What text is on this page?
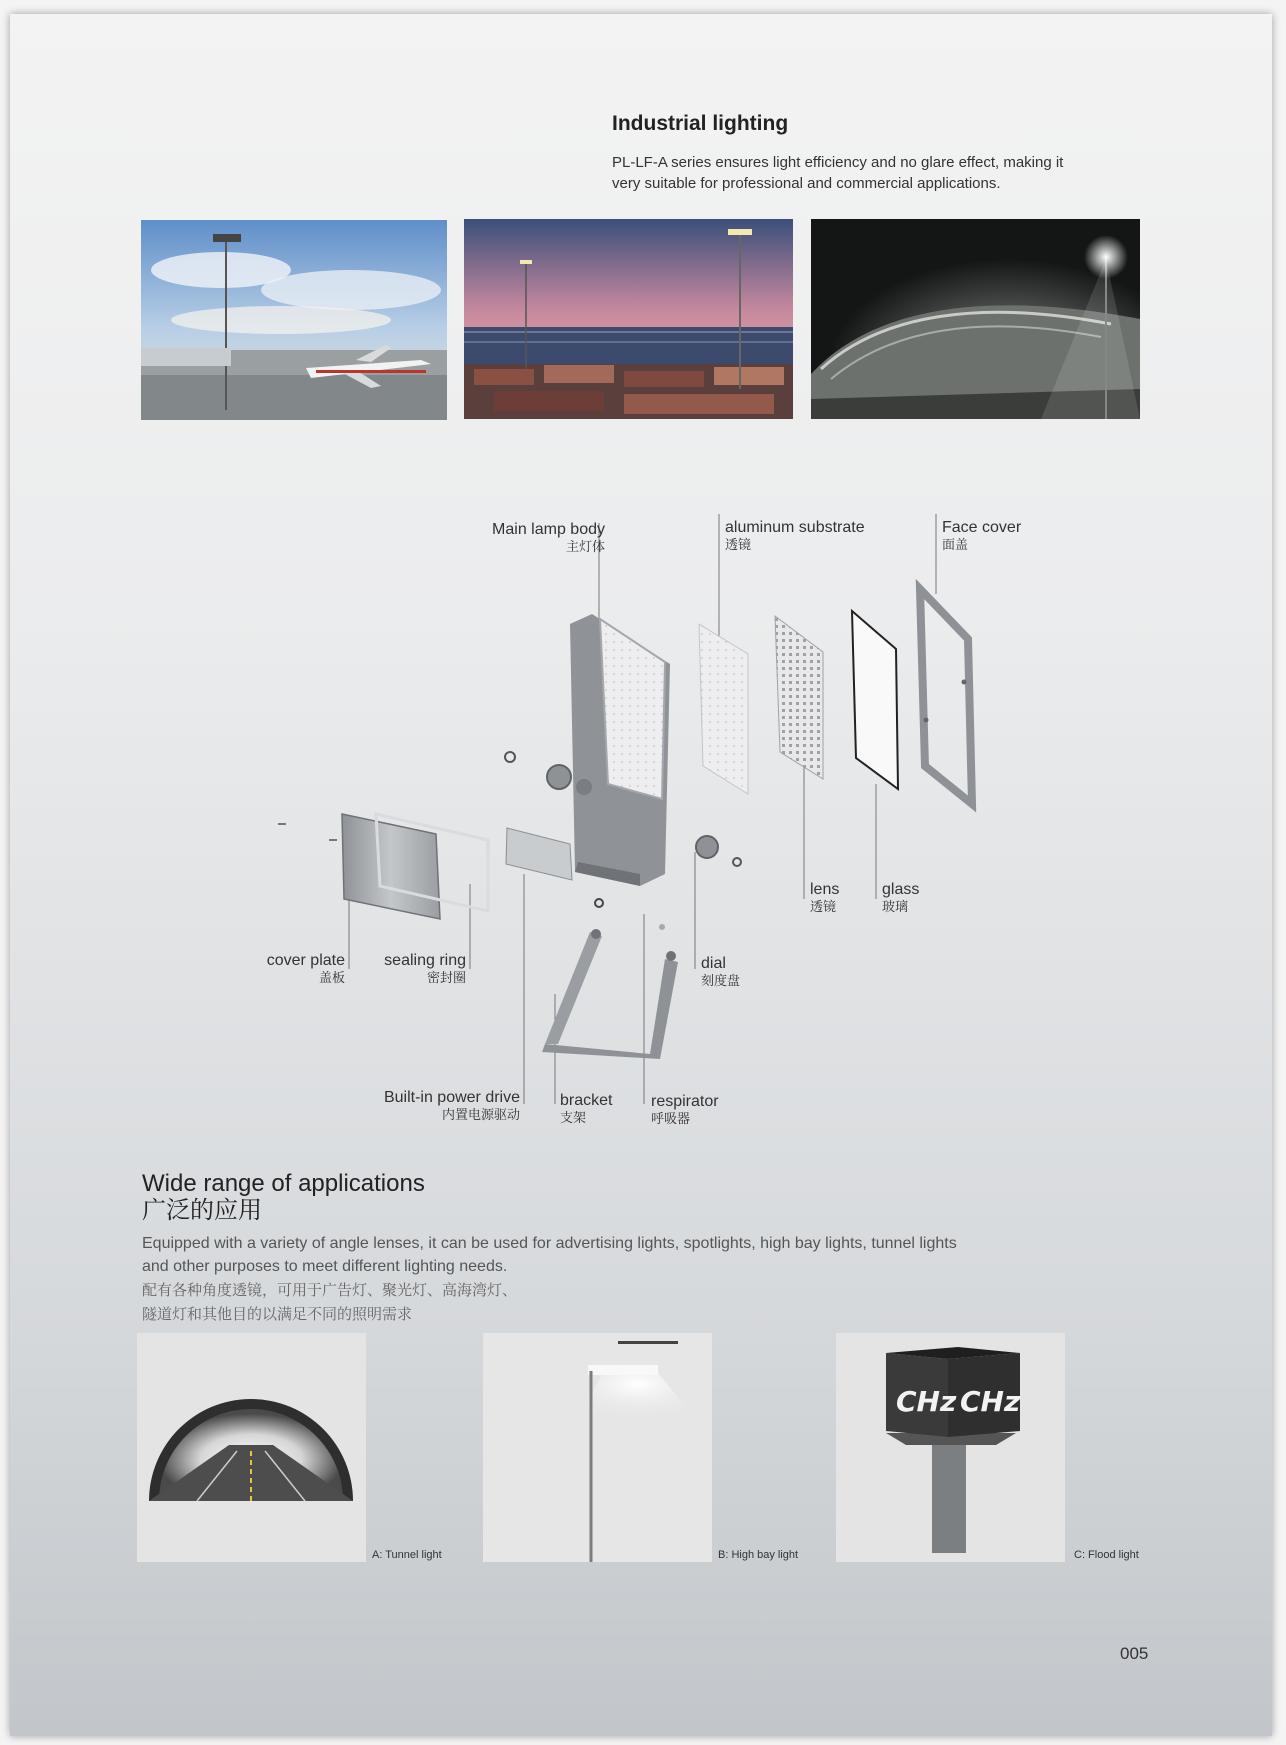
Industrial lighting
PL-LF-A series ensures light efficiency and no glare effect, making it
very suitable for professional and commercial applications.
Main lamp body
主灯体
aluminum substrate
透镜
Face cover
面盖
lens
透镜
glass
玻璃
cover plate
盖板
sealing ring
密封圈
dial
刻度盘
Built-in power drive
内置电源驱动
bracket
支架
respirator
呼吸器
Wide range of applications
广泛的应用
Equipped with a variety of angle lenses, it can be used for advertising lights, spotlights, high bay lights, tunnel lights
and other purposes to meet different lighting needs.
配有各种角度透镜，可用于广告灯、聚光灯、高海湾灯、
隧道灯和其他目的以满足不同的照明需求
A: Tunnel light	B: High bay light
CHz CHz
C: Flood light
005
